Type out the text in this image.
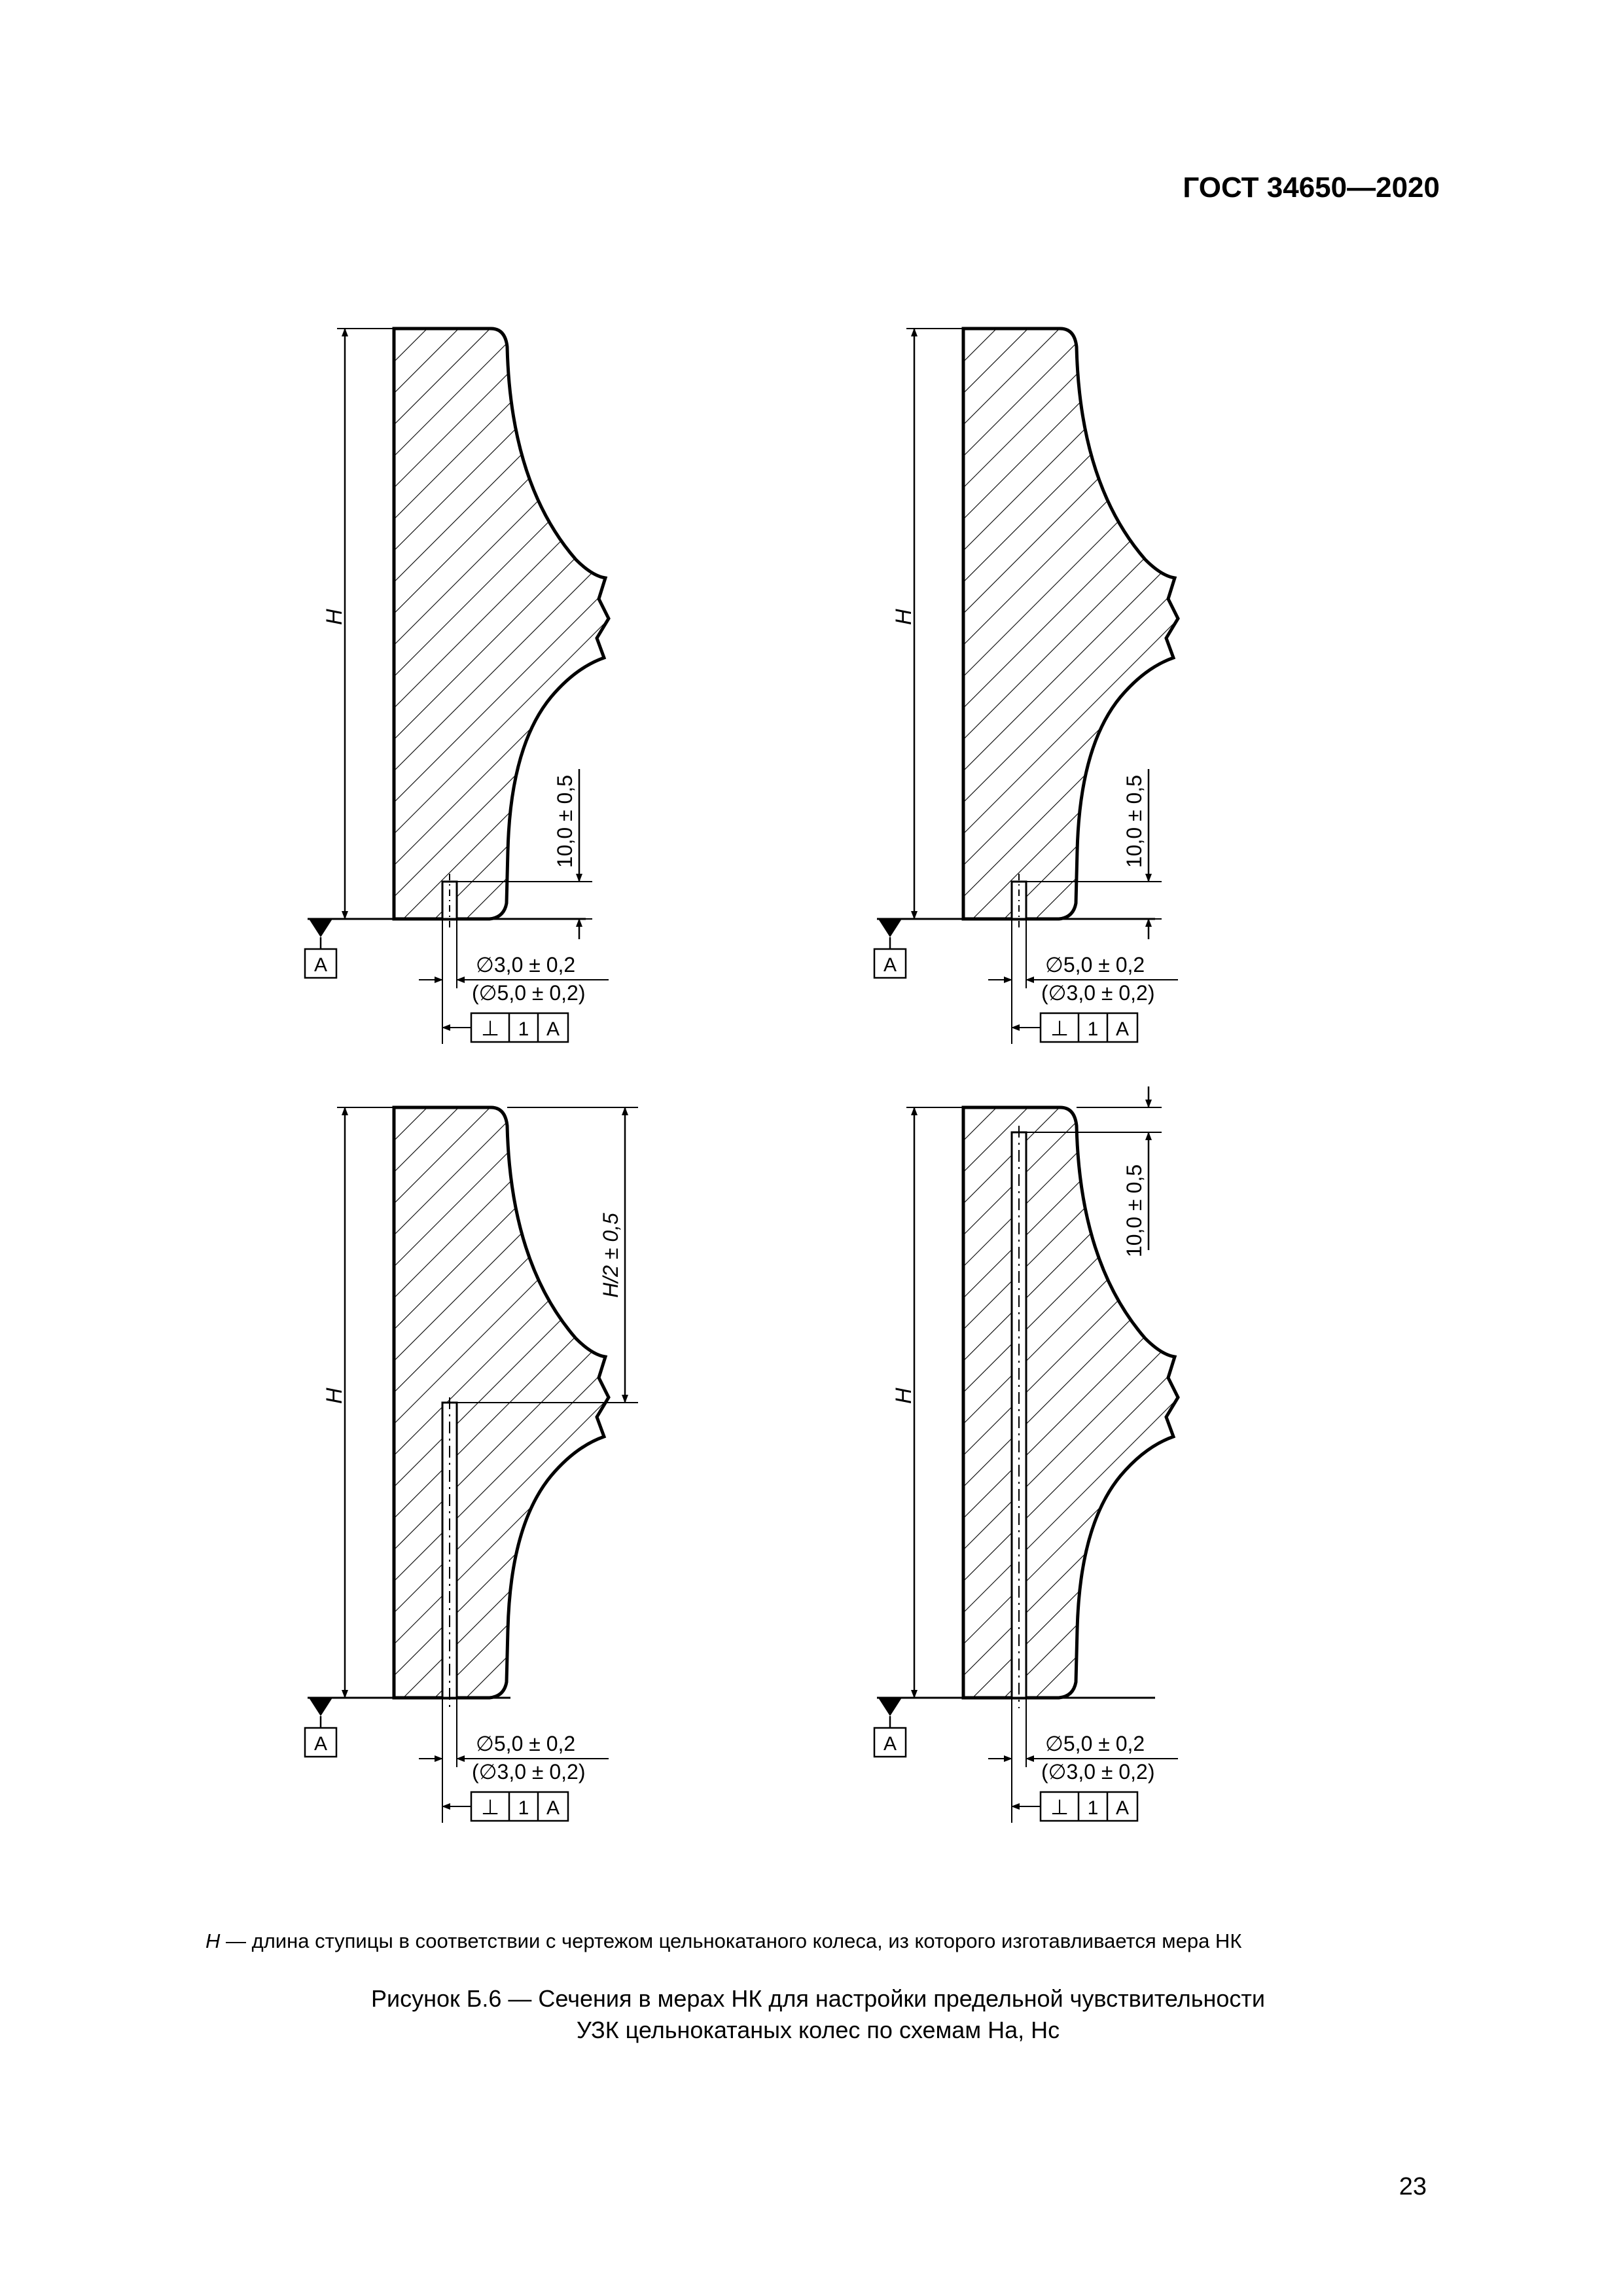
ГОСТ 34650—2020
H
A
10,0 ± 0,5
∅3,0 ± 0,2
(∅5,0 ± 0,2)
⊥ 1 A
H
A
10,0 ± 0,5
∅5,0 ± 0,2
(∅3,0 ± 0,2)
⊥ 1 A
H/2 ± 0,5
H
A	∅5,0 ± 0,2
(∅3,0 ± 0,2)
⊥ 1 A
10,0 ± 0,5
H
A	∅5,0 ± 0,2
(∅3,0 ± 0,2)
⊥ 1 A
H — длина ступицы в соответствии с чертежом цельнокатаного колеса, из которого изготавливается мера НК
Рисунок Б.6 — Сечения в мерах НК для настройки предельной чувствительности
УЗК цельнокатаных колес по схемам На, Нс
23
